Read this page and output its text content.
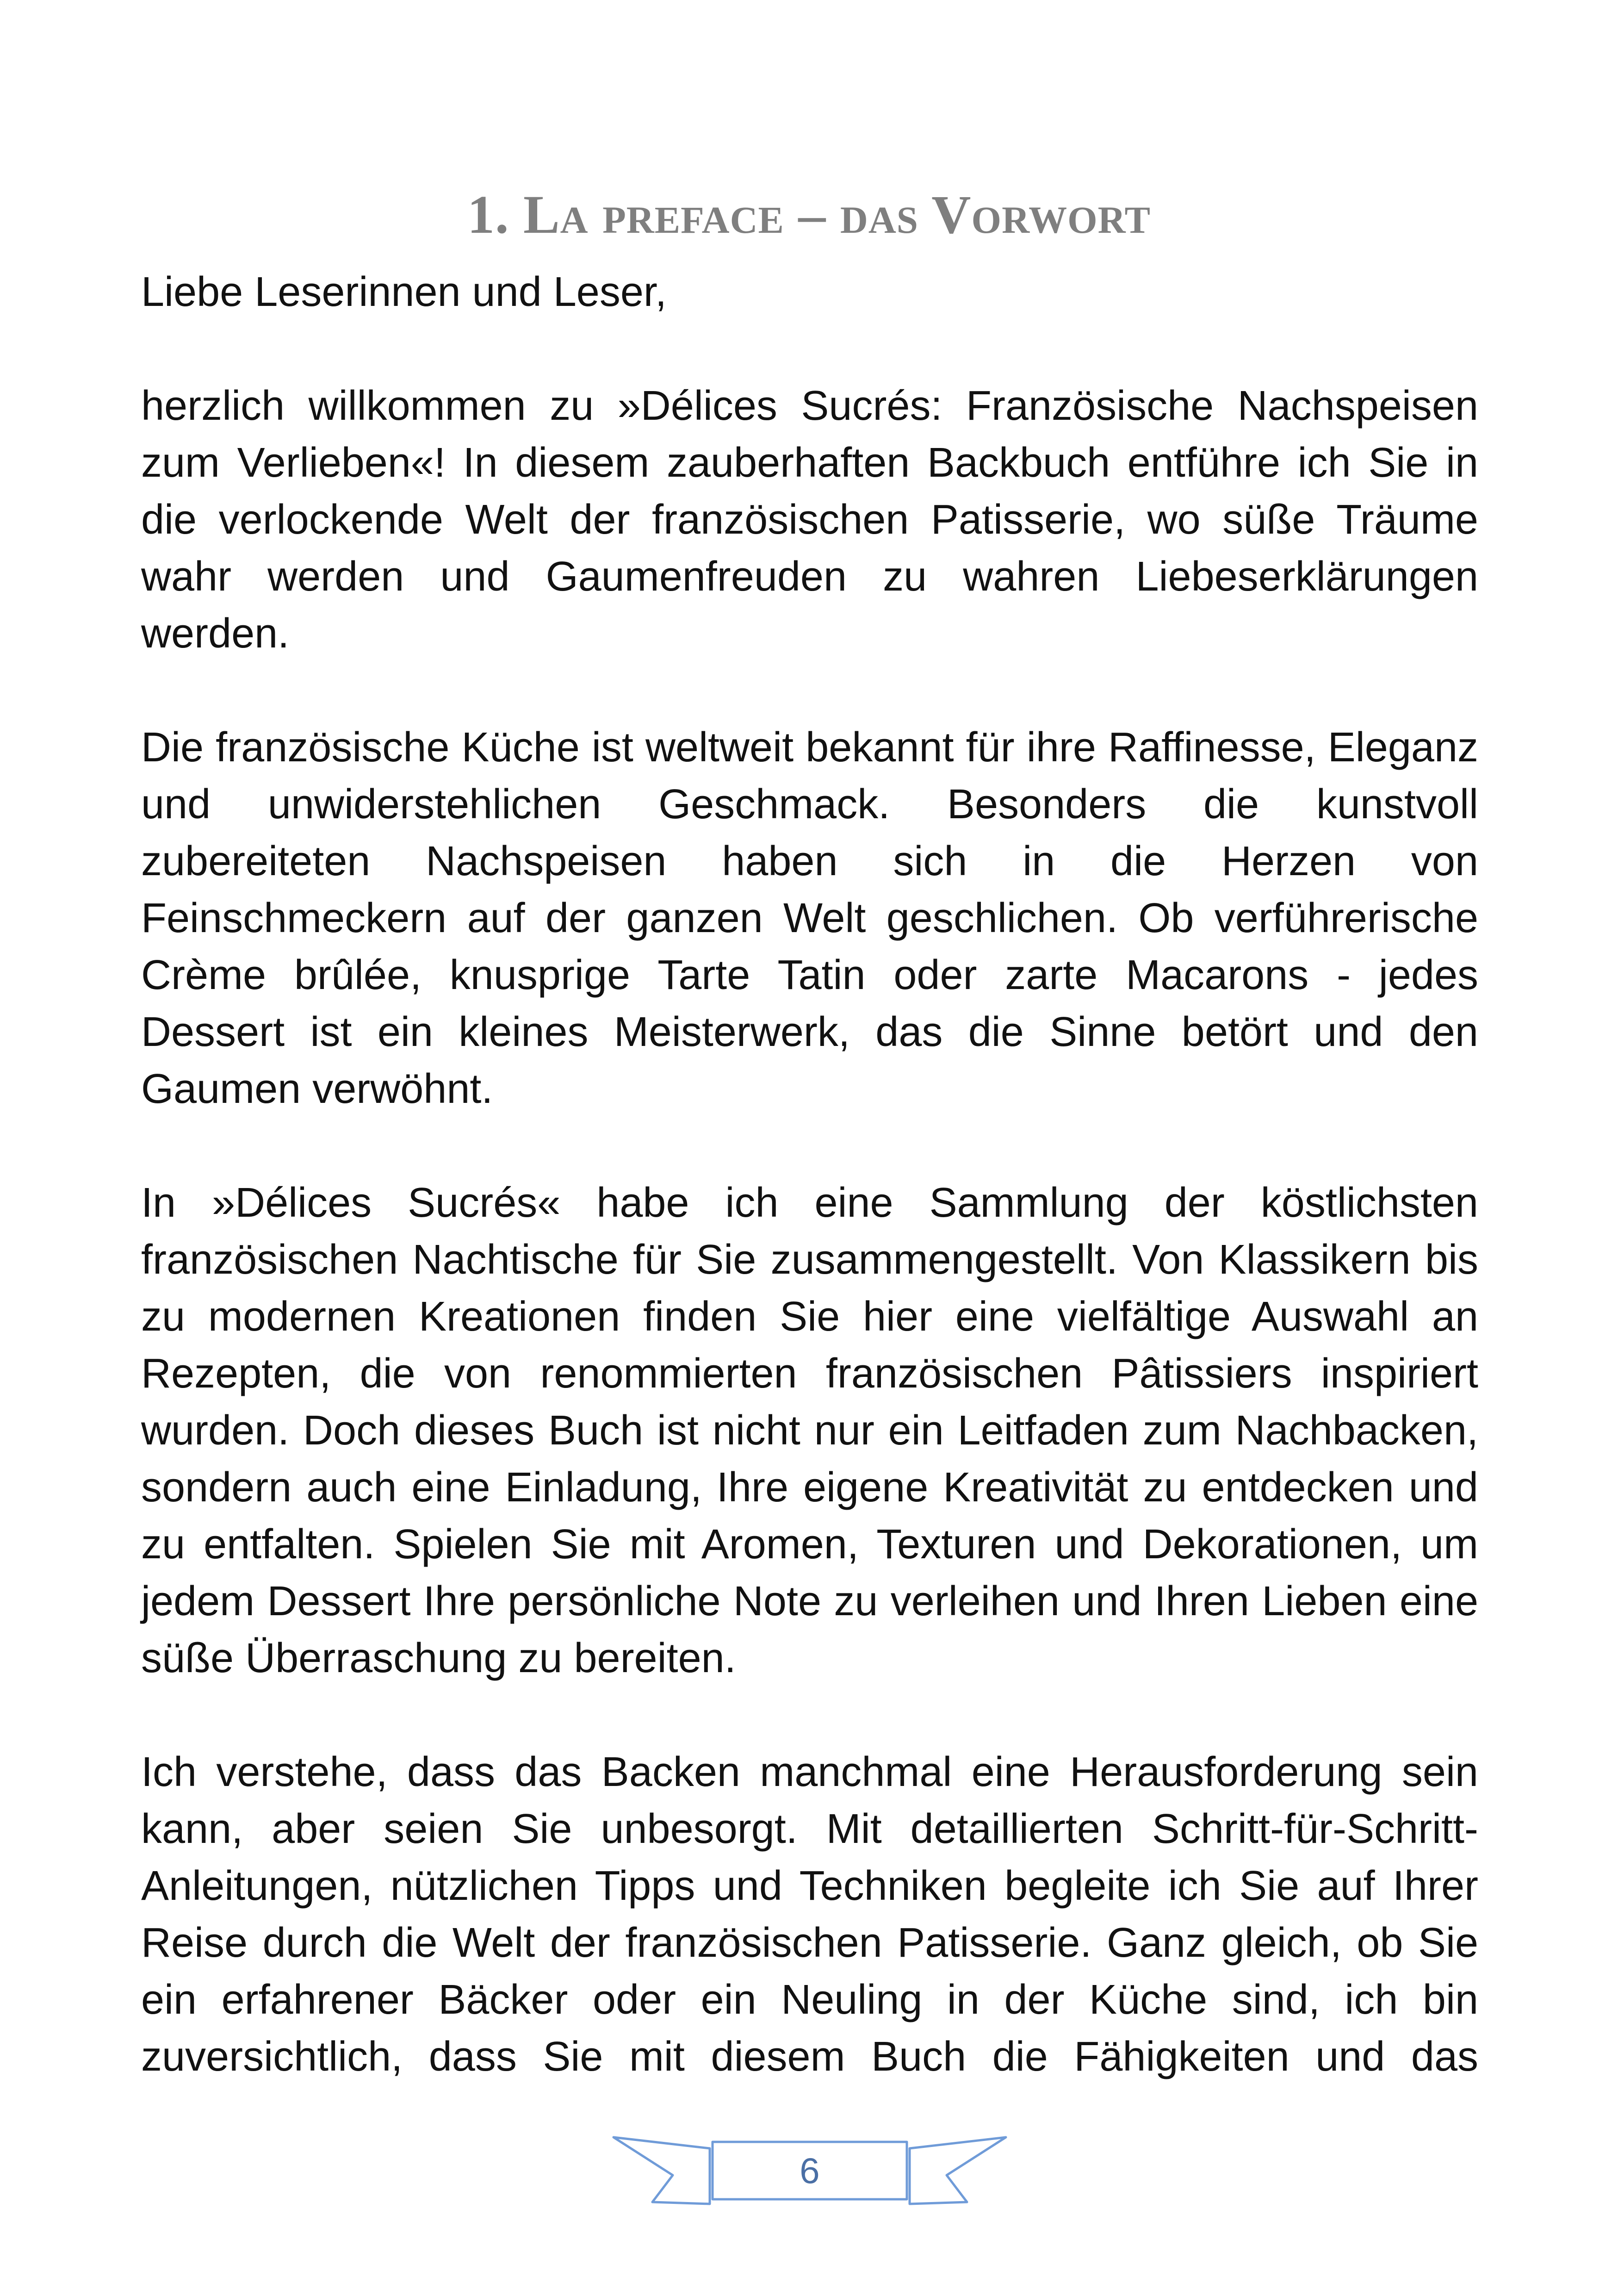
1. La preface – das Vorwort

Liebe Leserinnen und Leser,

herzlich willkommen zu »Délices Sucrés: Französische Nachspeisen zum Verlieben«! In diesem zauberhaften Backbuch entführe ich Sie in die verlockende Welt der französischen Patisserie, wo süße Träume wahr werden und Gaumenfreuden zu wahren Liebeserklärungen werden.

Die französische Küche ist weltweit bekannt für ihre Raffinesse, Eleganz und unwiderstehlichen Geschmack. Besonders die kunstvoll zubereiteten Nachspeisen haben sich in die Herzen von Feinschmeckern auf der ganzen Welt geschlichen. Ob verführerische Crème brûlée, knusprige Tarte Tatin oder zarte Macarons - jedes Dessert ist ein kleines Meisterwerk, das die Sinne betört und den Gaumen verwöhnt.

In »Délices Sucrés« habe ich eine Sammlung der köstlichsten französischen Nachtische für Sie zusammengestellt. Von Klassikern bis zu modernen Kreationen finden Sie hier eine vielfältige Auswahl an Rezepten, die von renommierten französischen Pâtissiers inspiriert wurden. Doch dieses Buch ist nicht nur ein Leitfaden zum Nachbacken, sondern auch eine Einladung, Ihre eigene Kreativität zu entdecken und zu entfalten. Spielen Sie mit Aromen, Texturen und Dekorationen, um jedem Dessert Ihre persönliche Note zu verleihen und Ihren Lieben eine süße Überraschung zu bereiten.

Ich verstehe, dass das Backen manchmal eine Herausforderung sein kann, aber seien Sie unbesorgt. Mit detaillierten Schritt-für-Schritt-Anleitungen, nützlichen Tipps und Techniken begleite ich Sie auf Ihrer Reise durch die Welt der französischen Patisserie. Ganz gleich, ob Sie ein erfahrener Bäcker oder ein Neuling in der Küche sind, ich bin zuversichtlich, dass Sie mit diesem Buch die Fähigkeiten und das

6
